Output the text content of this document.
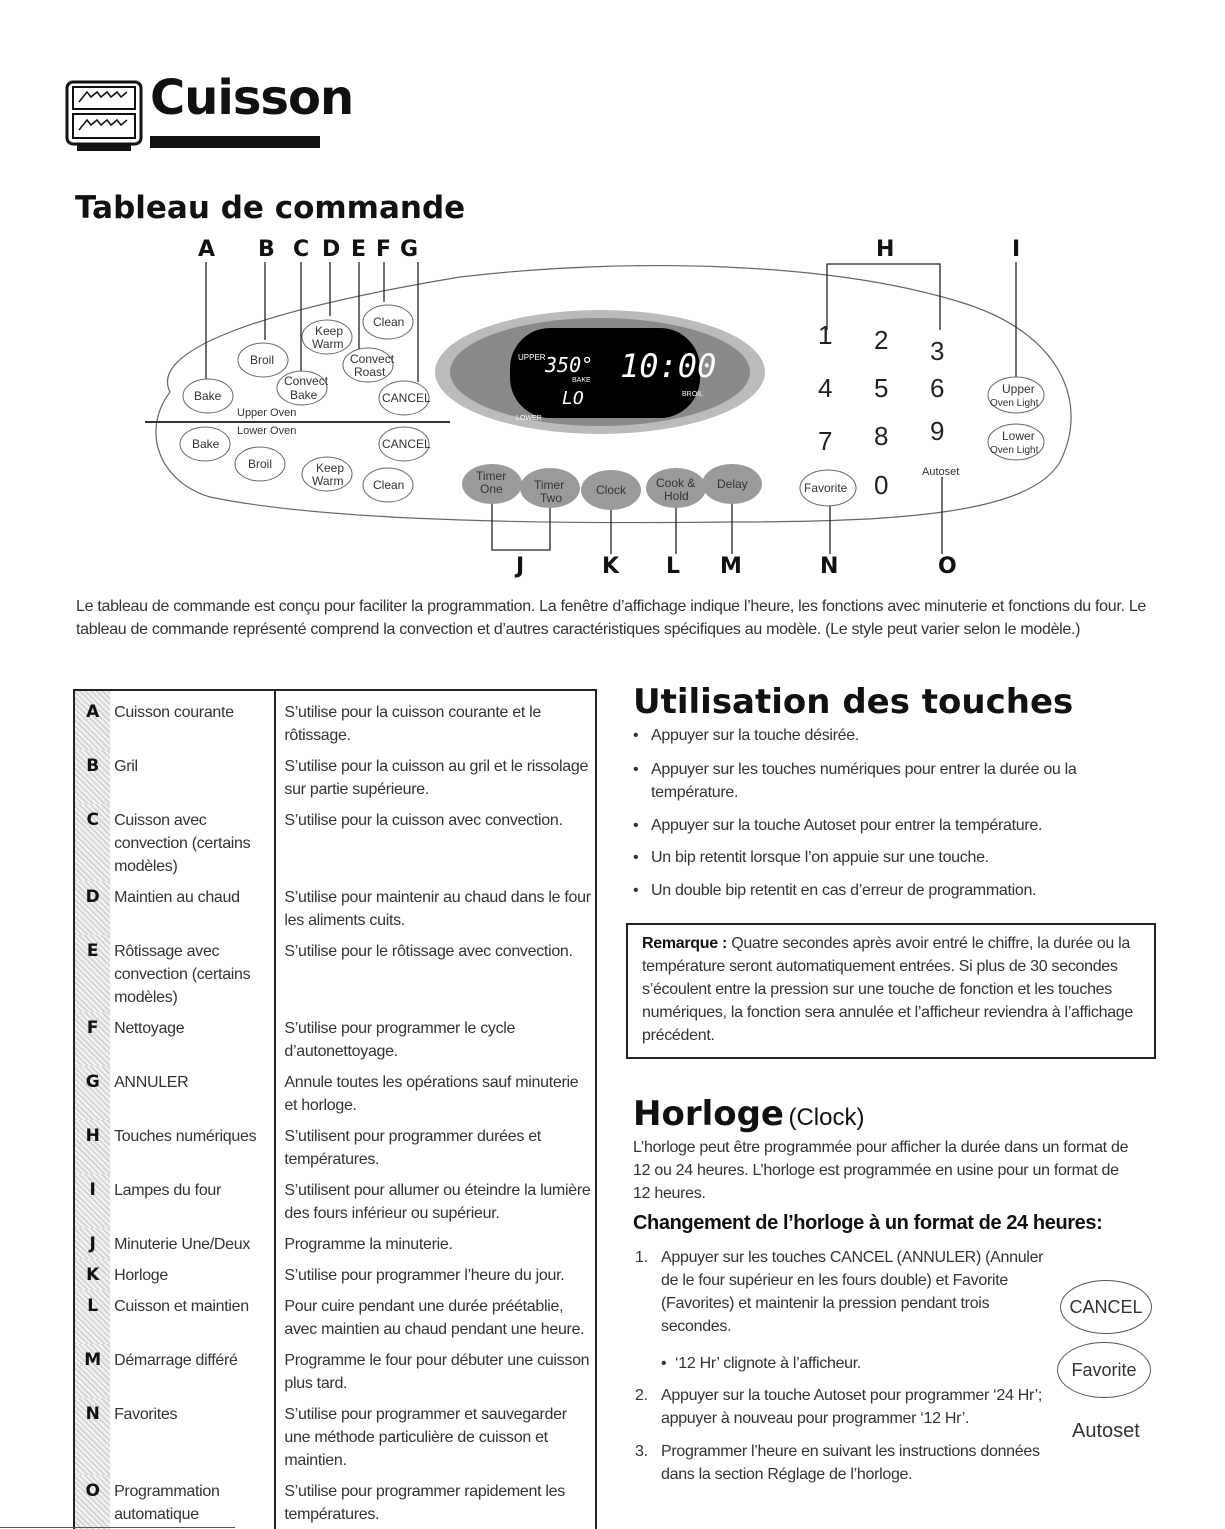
Cuisson
Tableau de commande
A B C D E F G	H	I
J	K L M	N	O
Bake
Broil
Convect
Bake
Keep
Warm
Convect
Roast
Clean
CANCEL
Upper Oven
Lower Oven
Bake
Broil	Keep
Warm Clean
CANCEL
UPPER 350° 10:00
BAKE
LO	BROIL
LOWER
Timer
One	Timer
Two
Clock Cook &
Hold
Delay
1 2 3
4 5 6
7 8 9
0
Favorite
Autoset
Upper
Oven Light
Lower
Oven Light
Le tableau de commande est conçu pour faciliter la programmation. La fenêtre d’affichage indique l’heure, les fonctions avec minuterie et fonctions du four. Le tableau de commande représenté comprend la convection et d’autres caractéristiques spécifiques au modèle. (Le style peut varier selon le modèle.)
A	Cuisson courante	S’utilise pour la cuisson courante et le rôtissage.
B	Gril	S’utilise pour la cuisson au gril et le rissolage sur partie supérieure.
C	Cuisson avec convection (certains modèles)	S’utilise pour la cuisson avec convection.
D	Maintien au chaud	S’utilise pour maintenir au chaud dans le four les aliments cuits.
E	Rôtissage avec convection (certains modèles)	S’utilise pour le rôtissage avec convection.
F	Nettoyage	S’utilise pour programmer le cycle d’autonettoyage.
G	ANNULER	Annule toutes les opérations sauf minuterie et horloge.
H	Touches numériques	S’utilisent pour programmer durées et températures.
I	Lampes du four	S’utilisent pour allumer ou éteindre la lumière des fours inférieur ou supérieur.
J	Minuterie Une/Deux	Programme la minuterie.
K	Horloge	S’utilise pour programmer l’heure du jour.
L	Cuisson et maintien	Pour cuire pendant une durée préétablie, avec maintien au chaud pendant une heure.
M	Démarrage différé	Programme le four pour débuter une cuisson plus tard.
N	Favorites	S’utilise pour programmer et sauvegarder une méthode particulière de cuisson et maintien.
O	Programmation automatique	S’utilise pour programmer rapidement les températures.
Utilisation des touches
• Appuyer sur la touche désirée.
• Appuyer sur les touches numériques pour entrer la durée ou la température.
• Appuyer sur la touche Autoset pour entrer la température.
• Un bip retentit lorsque l’on appuie sur une touche.
• Un double bip retentit en cas d’erreur de programmation.
Remarque : Quatre secondes après avoir entré le chiffre, la durée ou la température seront automatiquement entrées. Si plus de 30 secondes s’écoulent entre la pression sur une touche de fonction et les touches numériques, la fonction sera annulée et l’afficheur reviendra à l’affichage précédent.
Horloge (Clock)
L’horloge peut être programmée pour afficher la durée dans un format de 12 ou 24 heures. L’horloge est programmée en usine pour un format de 12 heures.
Changement de l’horloge à un format de 24 heures:
1. Appuyer sur les touches CANCEL (ANNULER) (Annuler de le four supérieur en les fours double) et Favorite (Favorites) et maintenir la pression pendant trois secondes.
• ‘12 Hr’ clignote à l’afficheur.
2. Appuyer sur la touche Autoset pour programmer ‘24 Hr’; appuyer à nouveau pour programmer ‘12 Hr’.
3. Programmer l’heure en suivant les instructions données dans la section Réglage de l’horloge.
CANCEL
Favorite
Autoset
